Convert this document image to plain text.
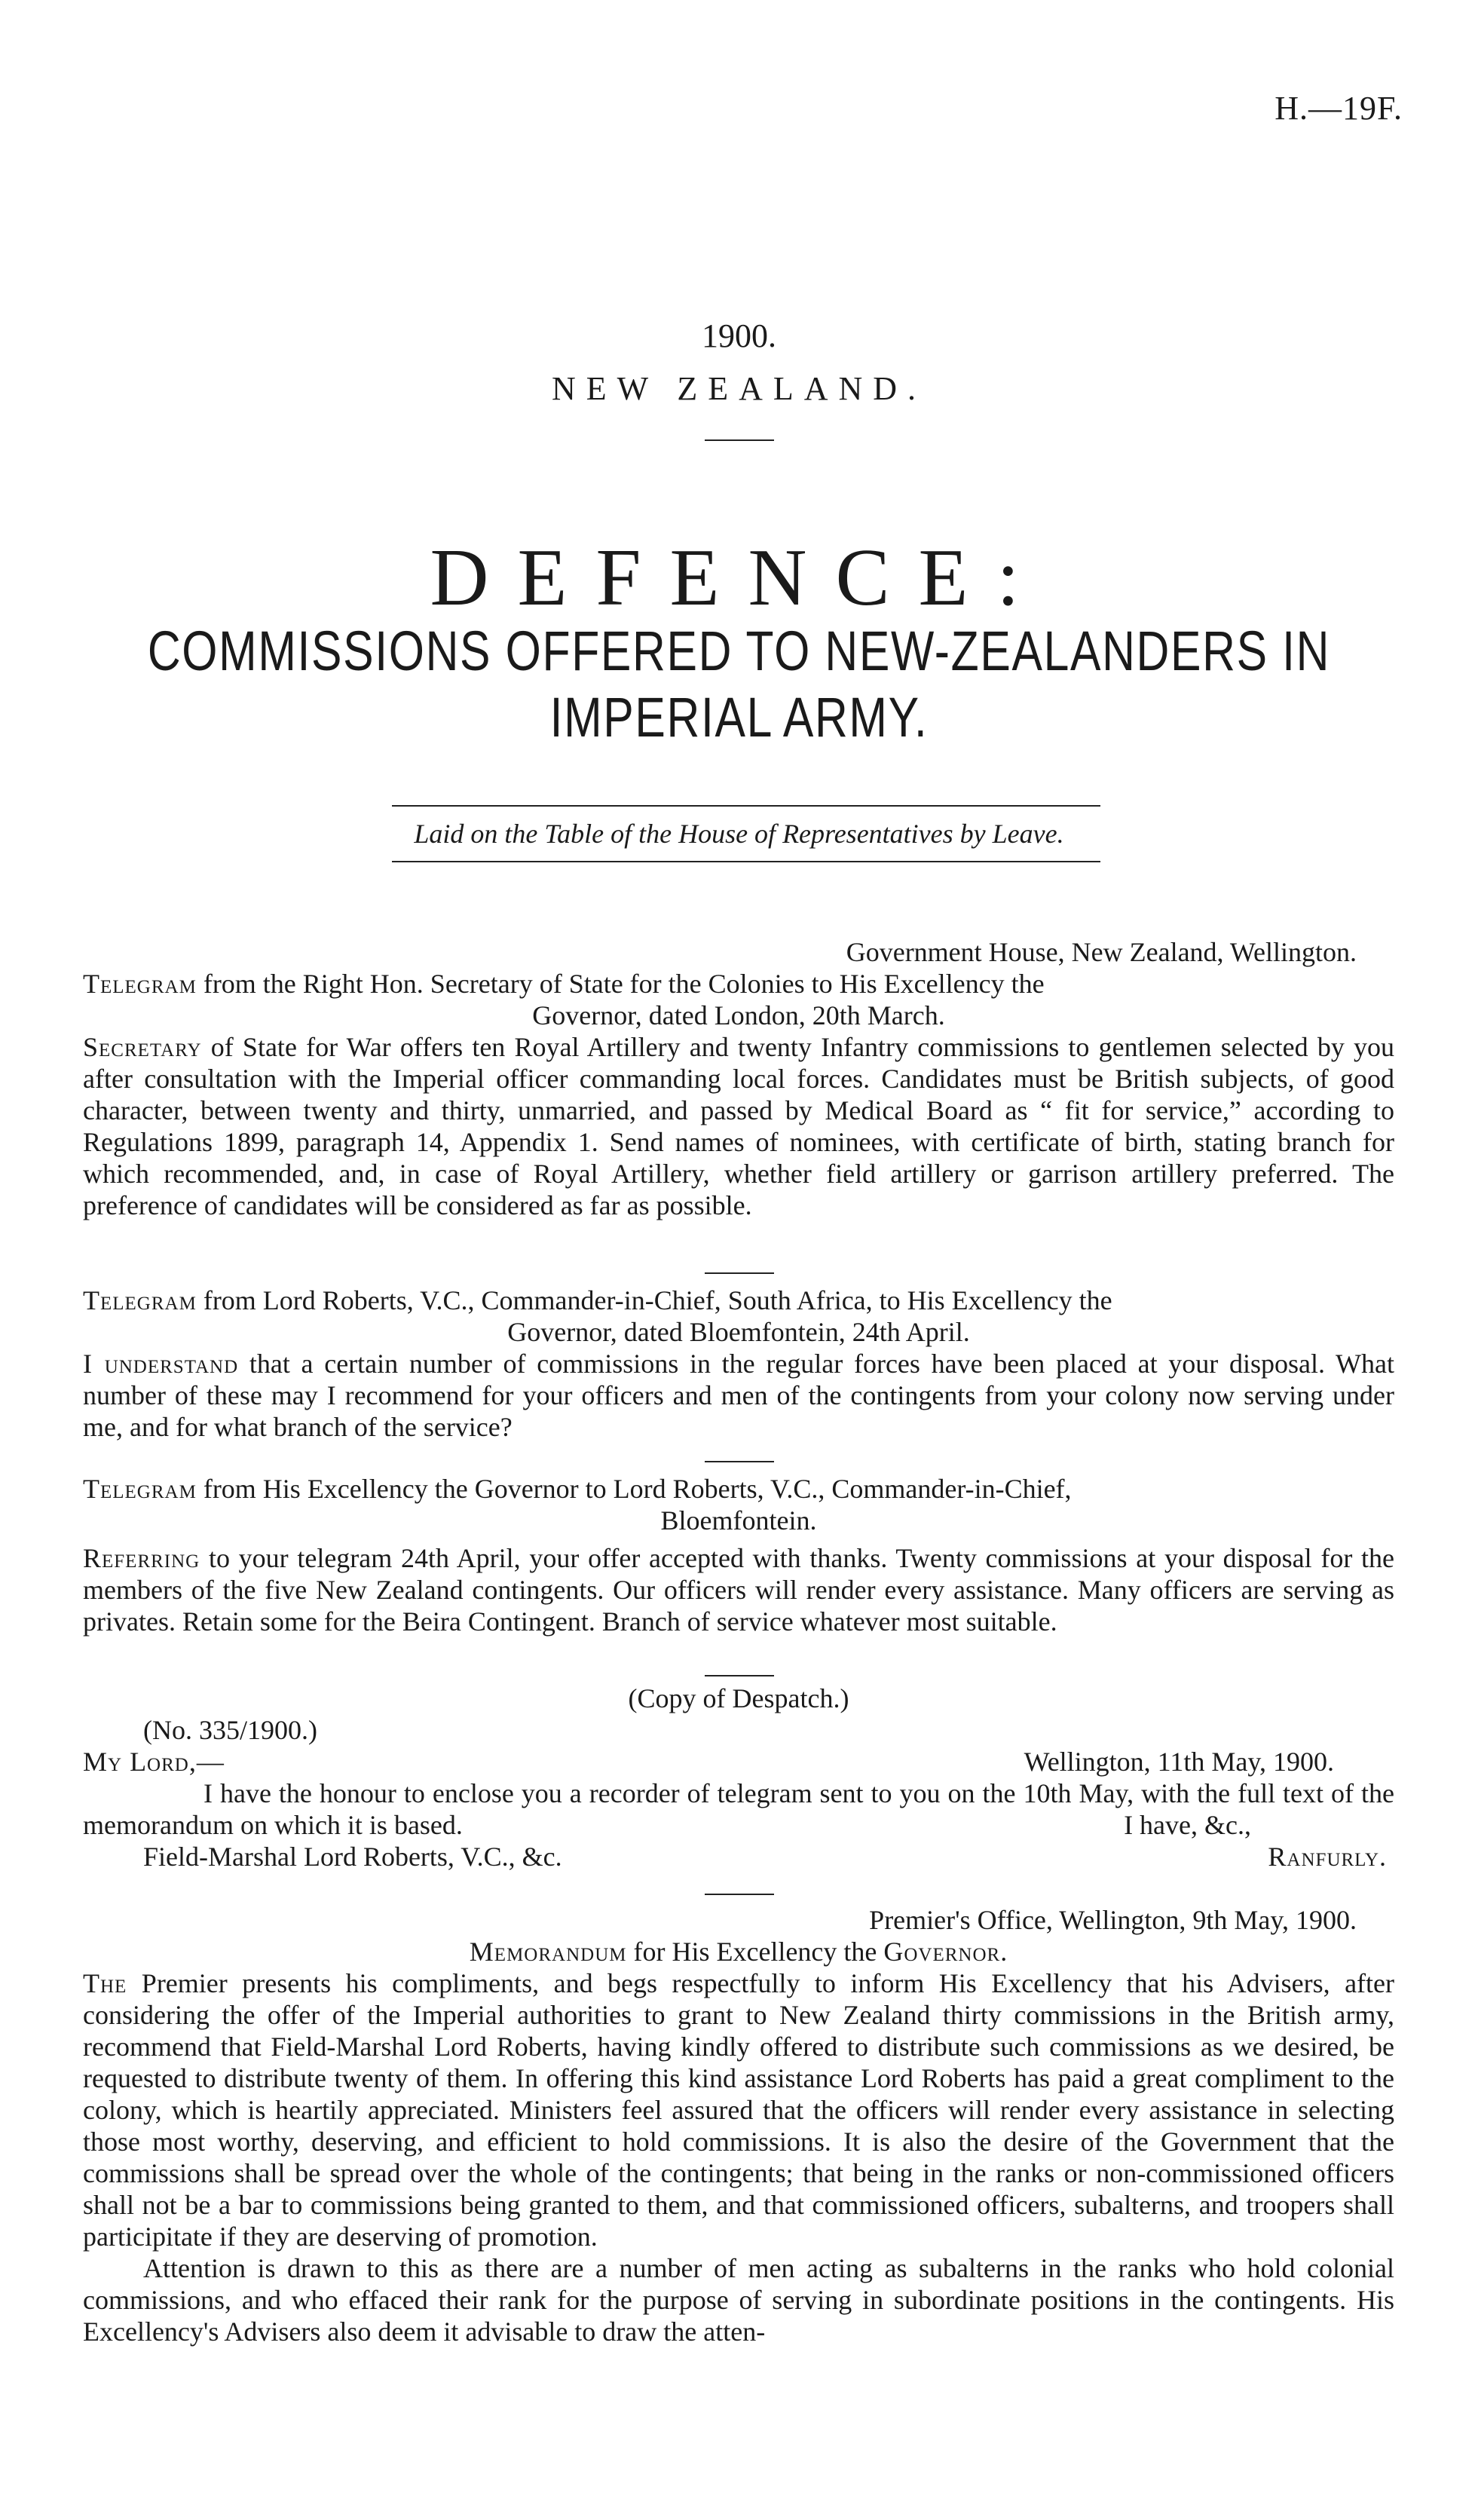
H.—19F.
1900.
NEW ZEALAND.
DEFENCE:
COMMISSIONS OFFERED TO NEW-ZEALANDERS IN
IMPERIAL ARMY.
Laid on the Table of the House of Representatives by Leave.

Government House, New Zealand, Wellington.

Telegram from the Right Hon. Secretary of State for the Colonies to His Excellency the

Governor, dated London, 20th March.

Secretary of State for War offers ten Royal Artillery and twenty Infantry commissions to gentlemen selected by you after consultation with the Imperial officer commanding local forces. Candidates must be British subjects, of good character, between twenty and thirty, unmarried, and passed by Medical Board as “ fit for service,” according to Regulations 1899, paragraph 14, Appendix 1. Send names of nominees, with certificate of birth, stating branch for which recommended, and, in case of Royal Artillery, whether field artillery or garrison artillery preferred. The preference of candidates will be considered as far as possible.

Telegram from Lord Roberts, V.C., Commander-in-Chief, South Africa, to His Excellency the

Governor, dated Bloemfontein, 24th April.

I understand that a certain number of commissions in the regular forces have been placed at your disposal. What number of these may I recommend for your officers and men of the contingents from your colony now serving under me, and for what branch of the service?

Telegram from His Excellency the Governor to Lord Roberts, V.C., Commander-in-Chief,

Bloemfontein.

Referring to your telegram 24th April, your offer accepted with thanks. Twenty commissions at your disposal for the members of the five New Zealand contingents. Our officers will render every assistance. Many officers are serving as privates. Retain some for the Beira Contingent. Branch of service whatever most suitable.

(Copy of Despatch.)

(No. 335/1900.)

My Lord,—	Wellington, 11th May, 1900.

I have the honour to enclose you a recorder of telegram sent to you on the 10th May, with the full text of the memorandum on which it is based.	I have, &c.,

Field-Marshal Lord Roberts, V.C., &c.	Ranfurly.

Premier's Office, Wellington, 9th May, 1900.

Memorandum for His Excellency the Governor.

The Premier presents his compliments, and begs respectfully to inform His Excellency that his Advisers, after considering the offer of the Imperial authorities to grant to New Zealand thirty commissions in the British army, recommend that Field-Marshal Lord Roberts, having kindly offered to distribute such commissions as we desired, be requested to distribute twenty of them. In offering this kind assistance Lord Roberts has paid a great compliment to the colony, which is heartily appreciated. Ministers feel assured that the officers will render every assistance in selecting those most worthy, deserving, and efficient to hold commissions. It is also the desire of the Government that the commissions shall be spread over the whole of the contingents; that being in the ranks or non-commissioned officers shall not be a bar to commissions being granted to them, and that commissioned officers, subalterns, and troopers shall participitate if they are deserving of promotion.

Attention is drawn to this as there are a number of men acting as subalterns in the ranks who hold colonial commissions, and who effaced their rank for the purpose of serving in subordinate positions in the contingents. His Excellency's Advisers also deem it advisable to draw the atten-
